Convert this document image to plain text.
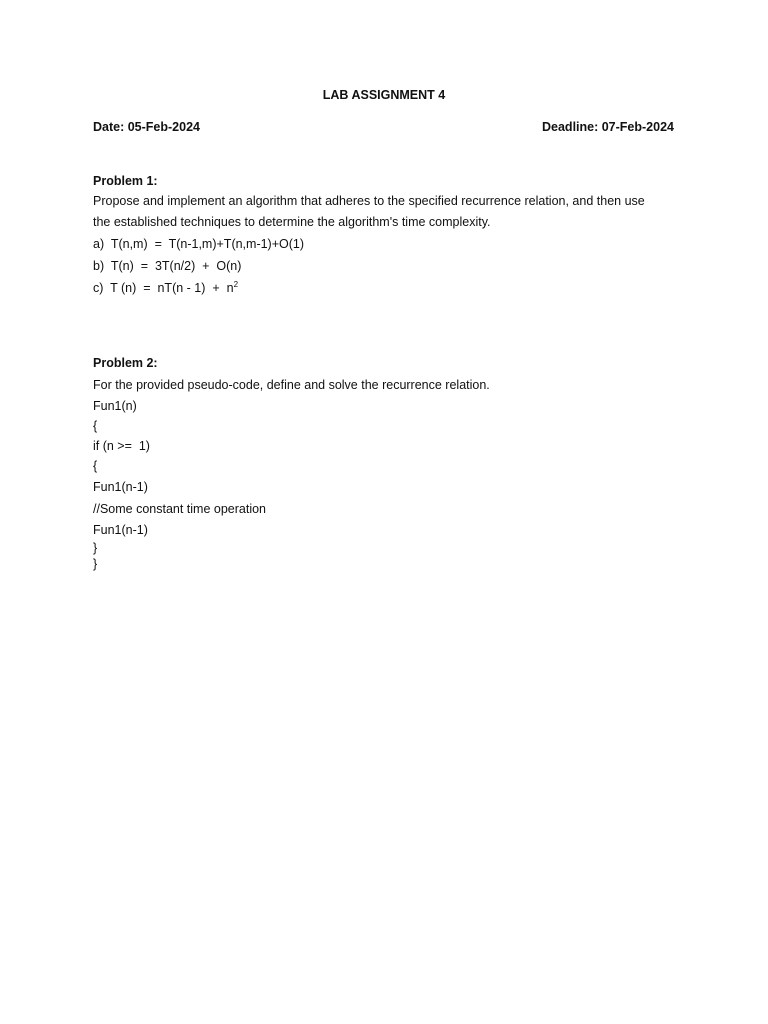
LAB ASSIGNMENT 4
Date: 05-Feb-2024	Deadline: 07-Feb-2024
Problem 1:
Propose and implement an algorithm that adheres to the specified recurrence relation, and then use
the established techniques to determine the algorithm's time complexity.
a)  T(n,m)  =  T(n-1,m)+T(n,m-1)+O(1)
b)  T(n)  =  3T(n/2)  +  O(n)
c)  T $(n) = nT(n - 1) + n^2$
Problem 2:
For the provided pseudo-code, define and solve the recurrence relation.
Fun1(n)
{
if (n >=  1)
{
Fun1(n-1)
//Some constant time operation
Fun1(n-1)
}
}
